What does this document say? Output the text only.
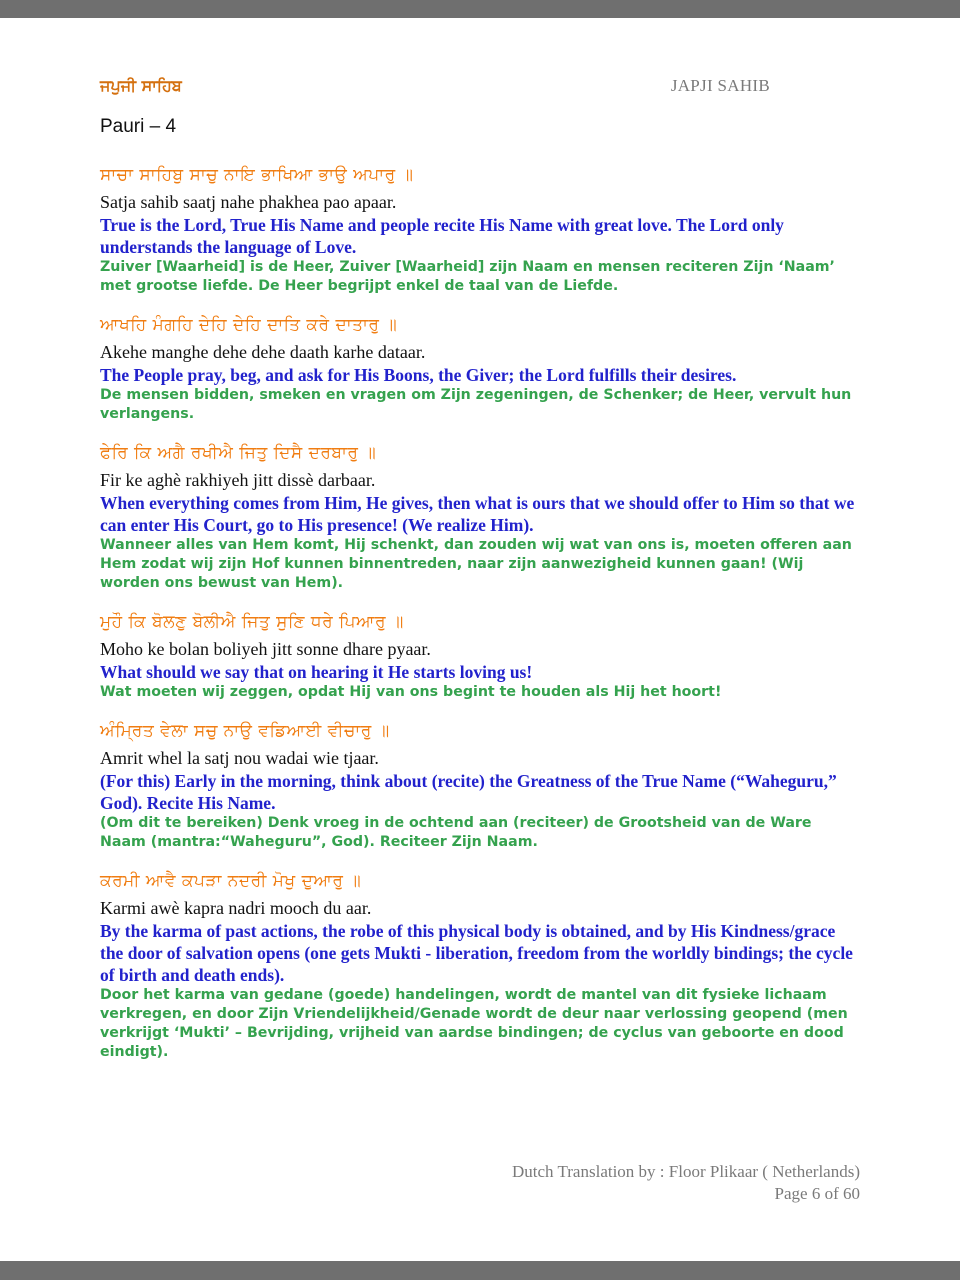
ਜਪੁਜੀ ਸਾਹਿਬ	JAPJI SAHIB
Pauri – 4
ਸਾਚਾ ਸਾਹਿਬੁ ਸਾਚੁ ਨਾਇ ਭਾਖਿਆ ਭਾਉ ਅਪਾਰੁ ॥
Satja sahib saatj nahe phakhea pao apaar.
True is the Lord, True His Name and people recite His Name with great love. The Lord only understands the language of Love.
Zuiver [Waarheid] is de Heer, Zuiver [Waarheid] zijn Naam en mensen reciteren Zijn ‘Naam’ met grootse liefde. De Heer begrijpt enkel de taal van de Liefde.
ਆਖਹਿ ਮੰਗਹਿ ਦੇਹਿ ਦੇਹਿ ਦਾਤਿ ਕਰੇ ਦਾਤਾਰੁ ॥
Akehe manghe dehe dehe daath karhe dataar.
The People pray, beg, and ask for His Boons, the Giver; the Lord fulfills their desires.
De mensen bidden, smeken en vragen om Zijn zegeningen, de Schenker; de Heer, vervult hun verlangens.
ਫੇਰਿ ਕਿ ਅਗੈ ਰਖੀਐ ਜਿਤੁ ਦਿਸੈ ਦਰਬਾਰੁ ॥
Fir ke aghè rakhiyeh jitt dissè darbaar.
When everything comes from Him, He gives, then what is ours that we should offer to Him so that we can enter His Court, go to His presence! (We realize Him).
Wanneer alles van Hem komt, Hij schenkt, dan zouden wij wat van ons is, moeten offeren aan Hem zodat wij zijn Hof kunnen binnentreden, naar zijn aanwezigheid kunnen gaan! (Wij worden ons bewust van Hem).
ਮੁਹੌ ਕਿ ਬੋਲਣੁ ਬੋਲੀਐ ਜਿਤੁ ਸੁਣਿ ਧਰੇ ਪਿਆਰੁ ॥
Moho ke bolan boliyeh jitt sonne dhare pyaar.
What should we say that on hearing it He starts loving us!
Wat moeten wij zeggen, opdat Hij van ons begint te houden als Hij het hoort!
ਅੰਮ੍ਰਿਤ ਵੇਲਾ ਸਚੁ ਨਾਉ ਵਡਿਆਈ ਵੀਚਾਰੁ ॥
Amrit whel la satj nou wadai wie tjaar.
(For this) Early in the morning, think about (recite) the Greatness of the True Name (“Waheguru,” God). Recite His Name.
(Om dit te bereiken) Denk vroeg in de ochtend aan (reciteer) de Grootsheid van de Ware Naam (mantra:“Waheguru”, God). Reciteer Zijn Naam.
ਕਰਮੀ ਆਵੈ ਕਪੜਾ ਨਦਰੀ ਮੋਖੁ ਦੁਆਰੁ ॥
Karmi awè kapra nadri mooch du aar.
By the karma of past actions, the robe of this physical body is obtained, and by His Kindness/grace the door of salvation opens (one gets Mukti - liberation, freedom from the worldly bindings; the cycle of birth and death ends).
Door het karma van gedane (goede) handelingen, wordt de mantel van dit fysieke lichaam verkregen, en door Zijn Vriendelijkheid/Genade wordt de deur naar verlossing geopend (men verkrijgt ‘Mukti’ – Bevrijding, vrijheid van aardse bindingen; de cyclus van geboorte en dood eindigt).
Dutch Translation by : Floor Plikaar ( Netherlands)
Page 6 of 60
